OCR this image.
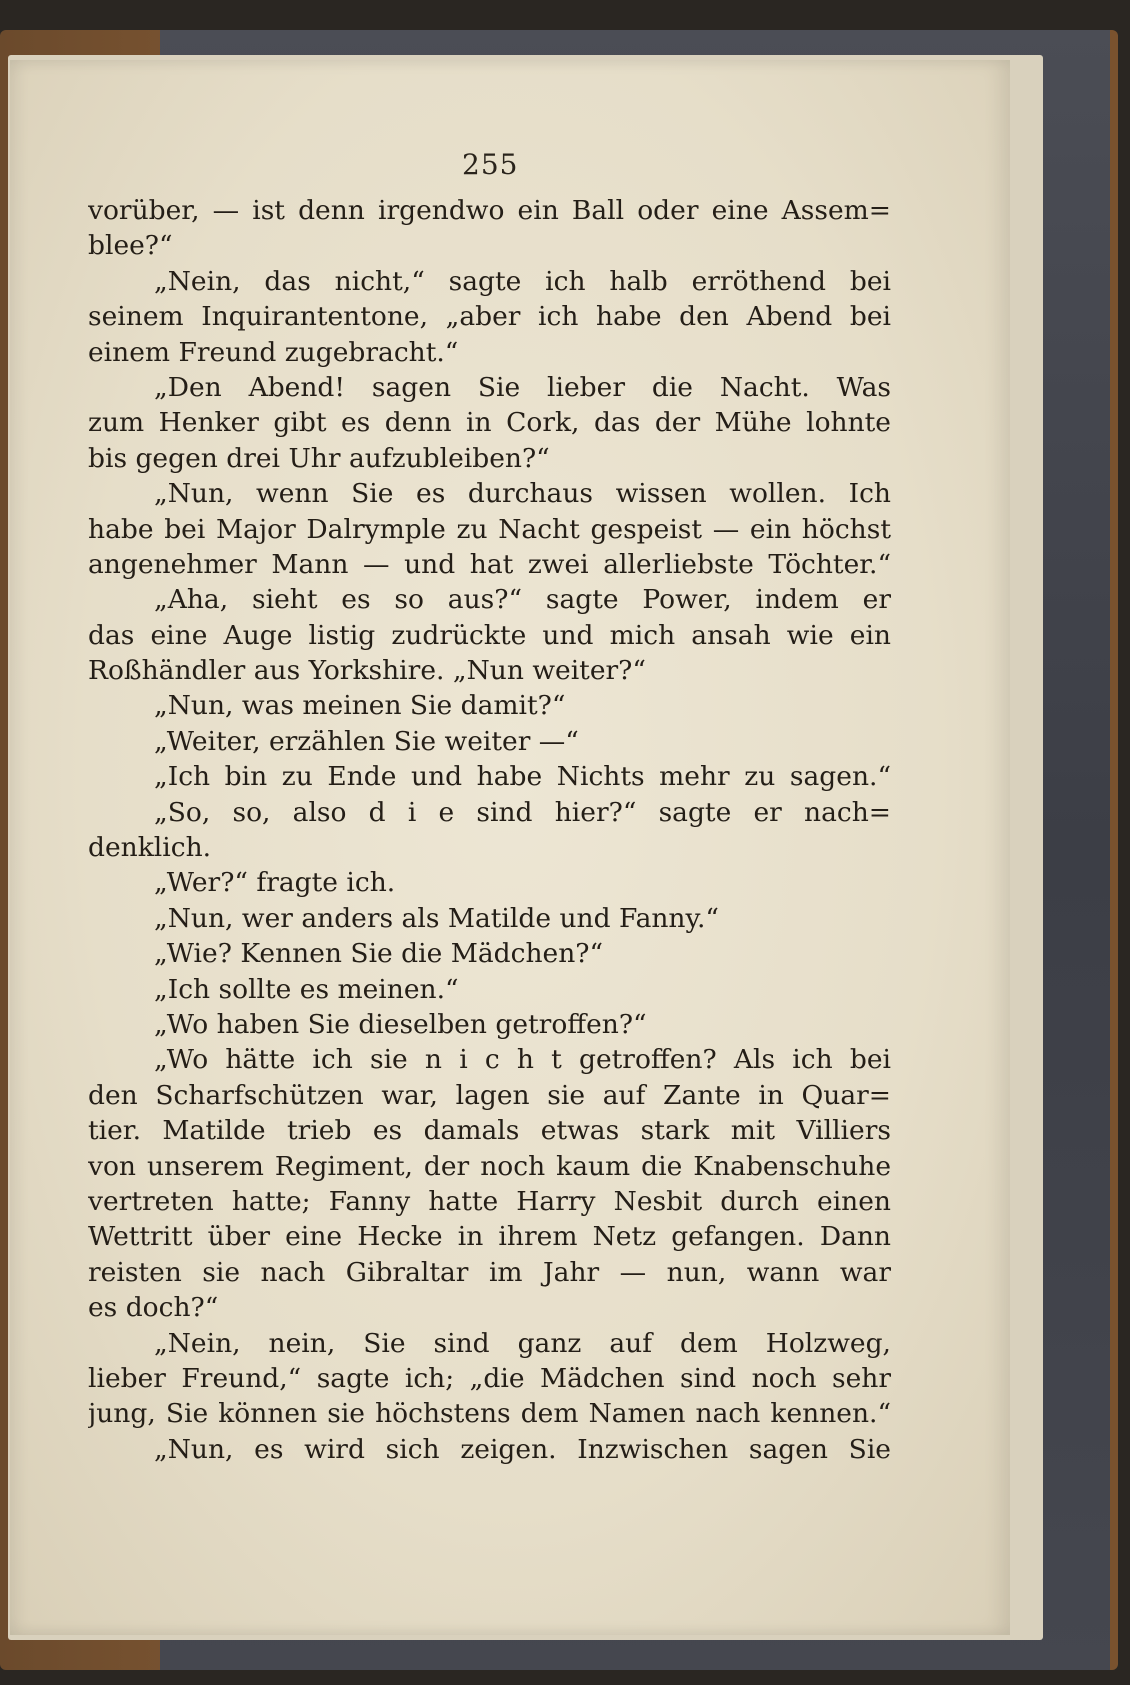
255
vorüber, — ist denn irgendwo ein Ball oder eine Assem=
blee?“
„Nein, das nicht,“ sagte ich halb erröthend bei
seinem Inquirantentone, „aber ich habe den Abend bei
einem Freund zugebracht.“
„Den Abend! sagen Sie lieber die Nacht. Was
zum Henker gibt es denn in Cork, das der Mühe lohnte
bis gegen drei Uhr aufzubleiben?“
„Nun, wenn Sie es durchaus wissen wollen. Ich
habe bei Major Dalrymple zu Nacht gespeist — ein höchst
angenehmer Mann — und hat zwei allerliebste Töchter.“
„Aha, sieht es so aus?“ sagte Power, indem er
das eine Auge listig zudrückte und mich ansah wie ein
Roßhändler aus Yorkshire. „Nun weiter?“
„Nun, was meinen Sie damit?“
„Weiter, erzählen Sie weiter —“
„Ich bin zu Ende und habe Nichts mehr zu sagen.“
„So, so, also d i e sind hier?“ sagte er nach=
denklich.
„Wer?“ fragte ich.
„Nun, wer anders als Matilde und Fanny.“
„Wie? Kennen Sie die Mädchen?“
„Ich sollte es meinen.“
„Wo haben Sie dieselben getroffen?“
„Wo hätte ich sie n i c h t getroffen? Als ich bei
den Scharfschützen war, lagen sie auf Zante in Quar=
tier. Matilde trieb es damals etwas stark mit Villiers
von unserem Regiment, der noch kaum die Knabenschuhe
vertreten hatte; Fanny hatte Harry Nesbit durch einen
Wettritt über eine Hecke in ihrem Netz gefangen. Dann
reisten sie nach Gibraltar im Jahr — nun, wann war
es doch?“
„Nein, nein, Sie sind ganz auf dem Holzweg,
lieber Freund,“ sagte ich; „die Mädchen sind noch sehr
jung, Sie können sie höchstens dem Namen nach kennen.“
„Nun, es wird sich zeigen. Inzwischen sagen Sie
